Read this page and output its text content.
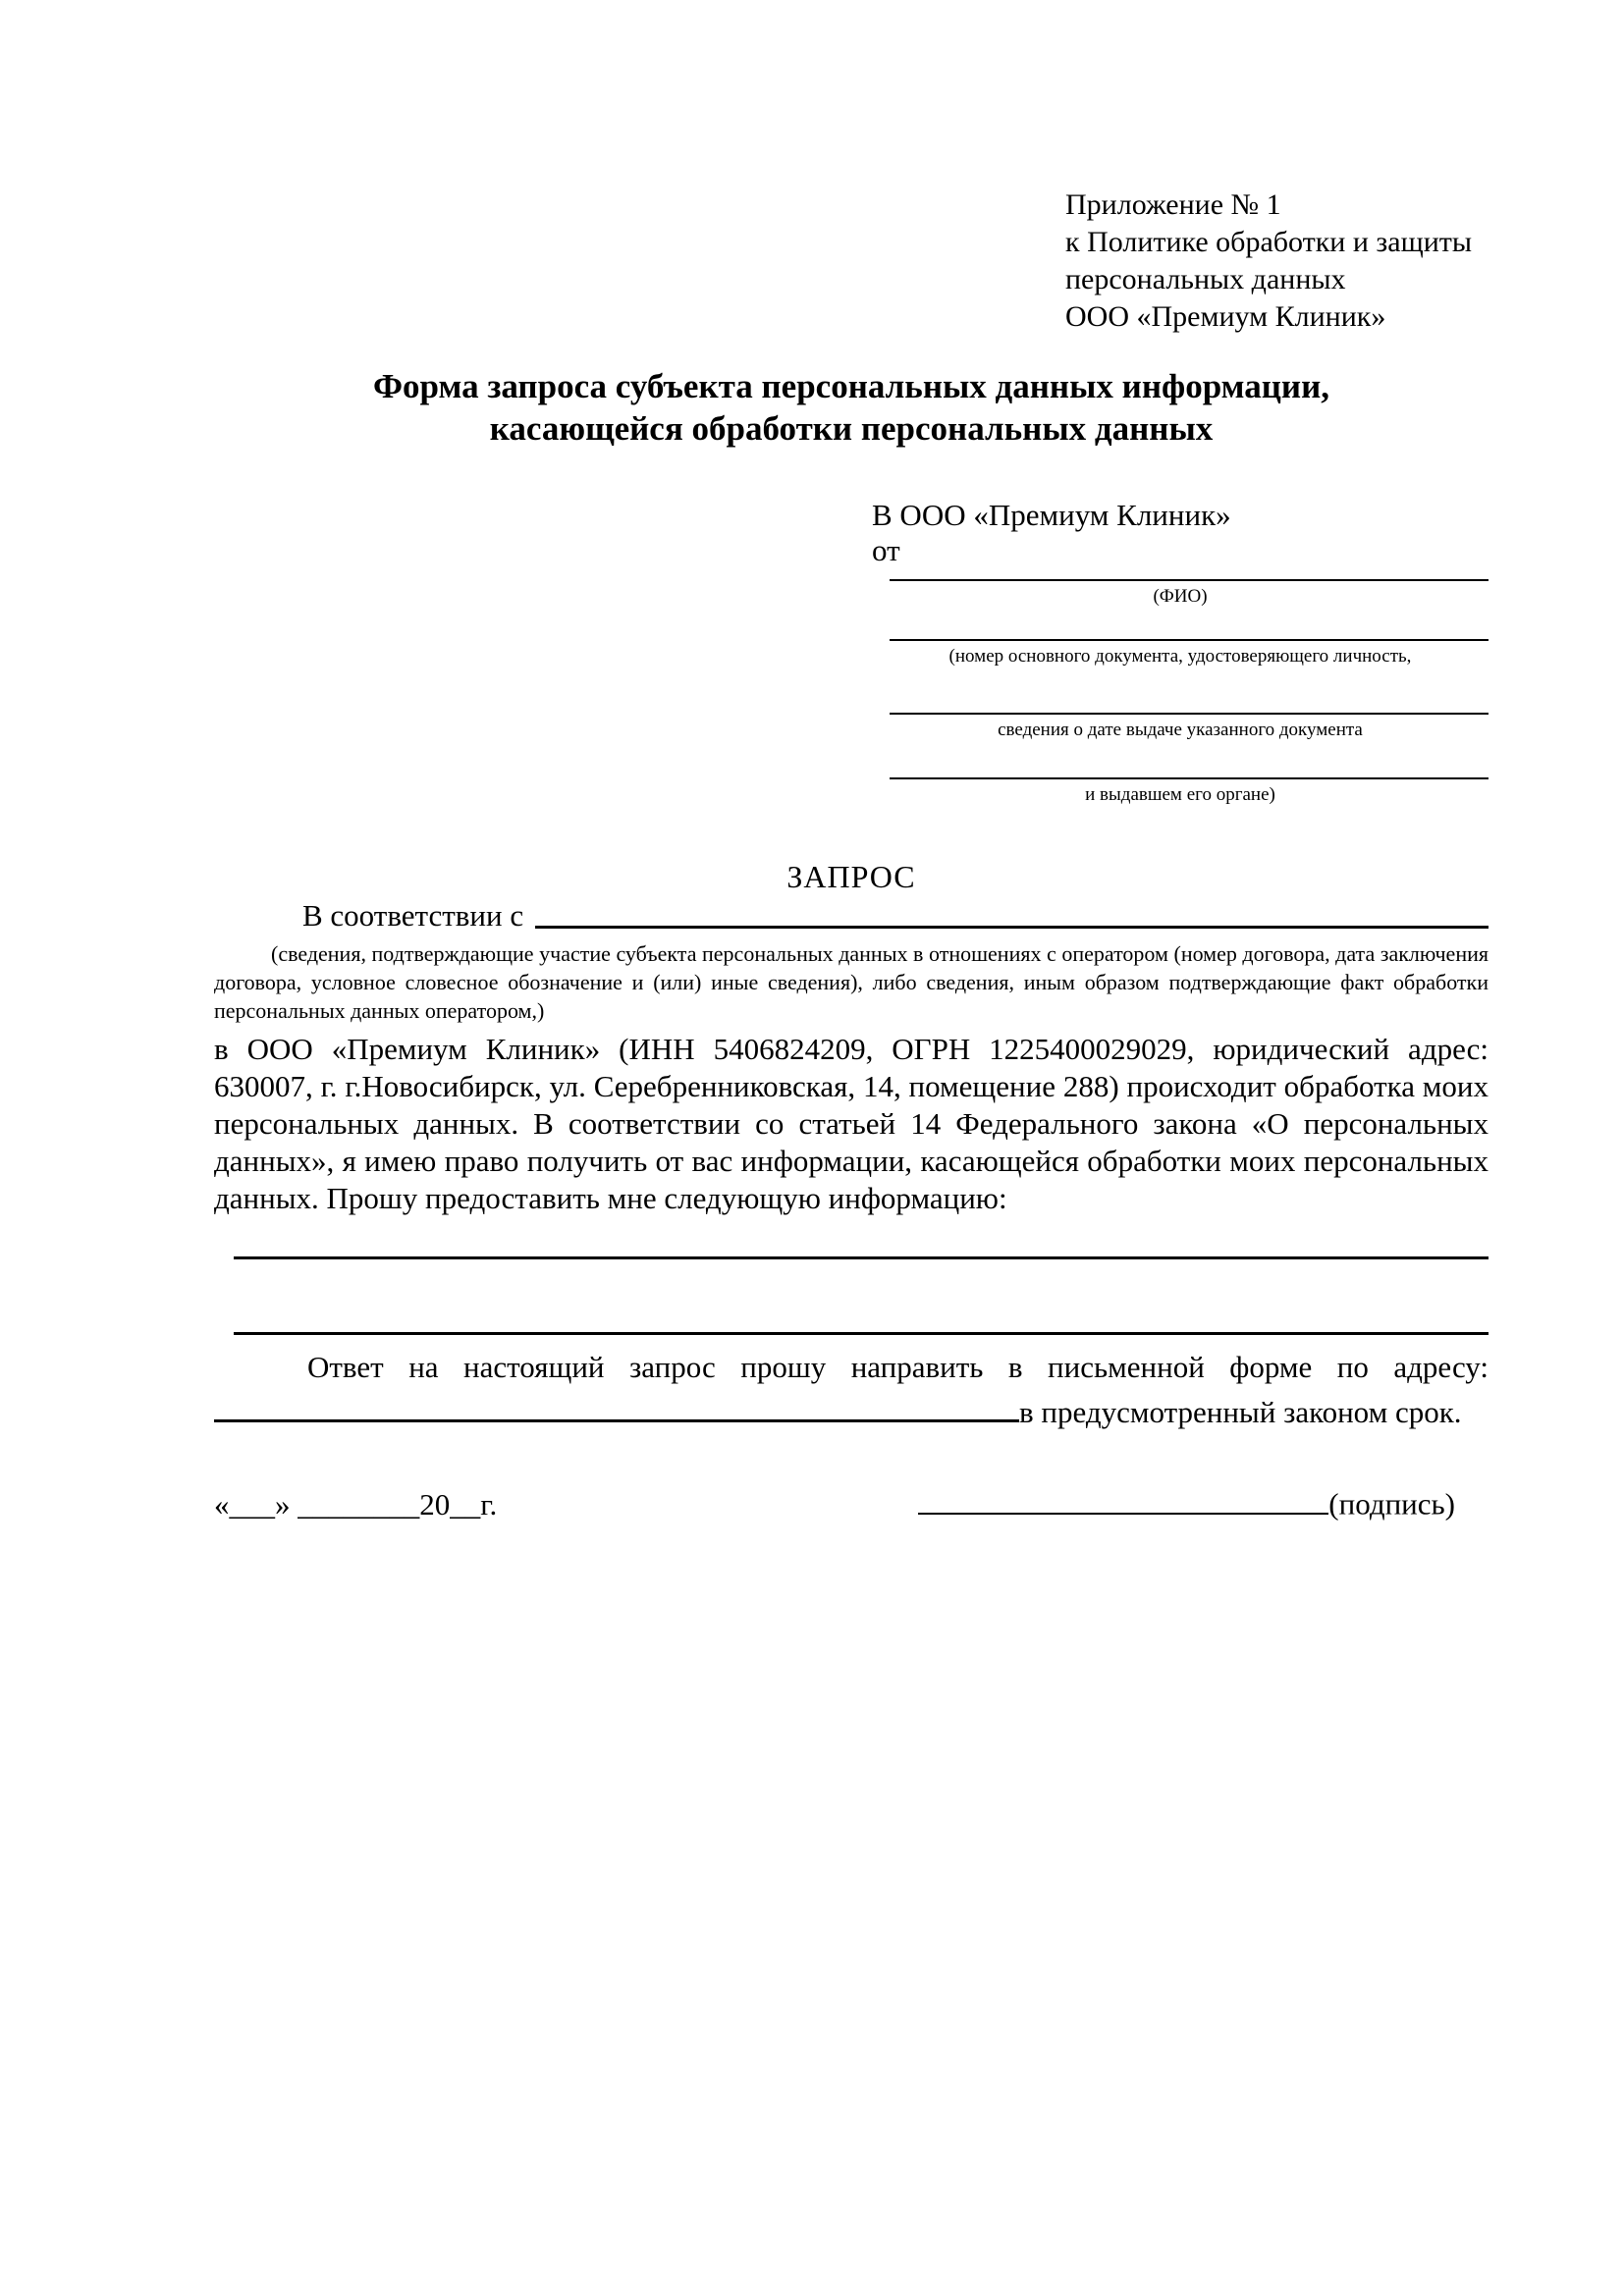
Приложение № 1
к Политике обработки и защиты
персональных данных
ООО «Премиум Клиник»
Форма запроса субъекта персональных данных информации,
касающейся обработки персональных данных
В ООО «Премиум Клиник»
от
(ФИО)
(номер основного документа, удостоверяющего личность,
сведения о дате выдаче указанного документа
и выдавшем его органе)
ЗАПРОС
В соответствии с

(сведения, подтверждающие участие субъекта персональных данных в отношениях с оператором (номер договора, дата заключения договора, условное словесное обозначение и (или) иные сведения), либо сведения, иным образом подтверждающие факт обработки персональных данных оператором,)

в ООО «Премиум Клиник» (ИНН 5406824209, ОГРН 1225400029029, юридический адрес: 630007, г. г.Новосибирск, ул. Серебренниковская, 14, помещение 288) происходит обработка моих персональных данных. В соответствии со статьей 14 Федерального закона «О персональных данных», я имею право получить от вас информации, касающейся обработки моих персональных данных. Прошу предоставить мне следующую информацию:

Ответ на настоящий запрос прошу направить в письменной форме по адресу: в предусмотренный законом срок.

«___» ________20__г.	(подпись)
